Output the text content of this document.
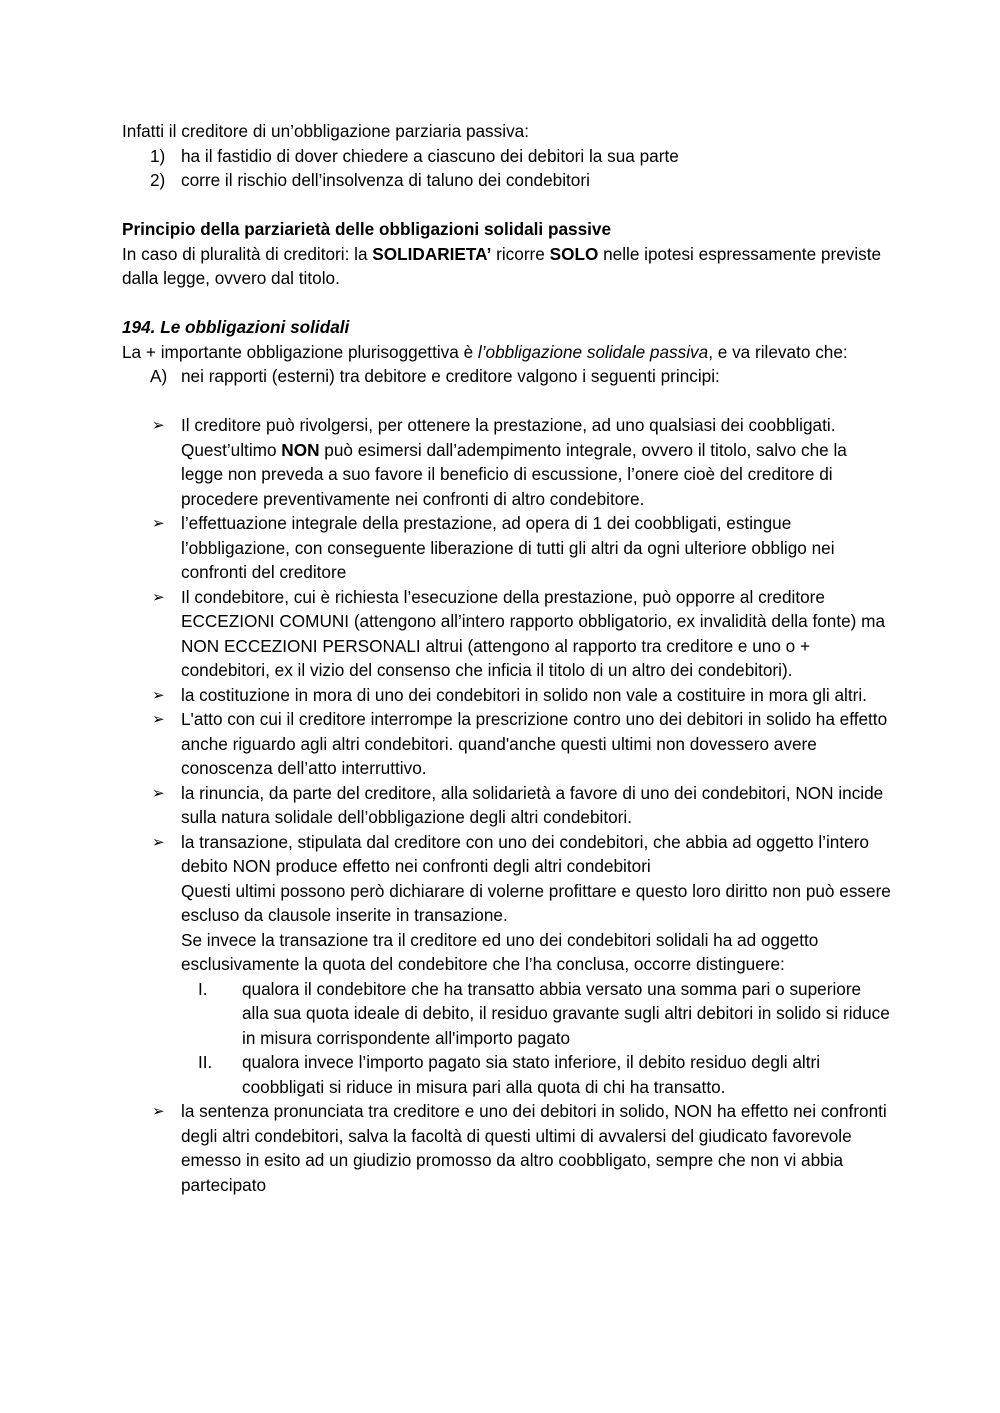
Infatti il creditore di un’obbligazione parziaria passiva:

1) ha il fastidio di dover chiedere a ciascuno dei debitori la sua parte
2) corre il rischio dell’insolvenza di taluno dei condebitori

Principio della parziarietà delle obbligazioni solidali passive

In caso di pluralità di creditori: la SOLIDARIETA’ ricorre SOLO nelle ipotesi espressamente previste dalla legge, ovvero dal titolo.

194. Le obbligazioni solidali

La + importante obbligazione plurisoggettiva è l’obbligazione solidale passiva, e va rilevato che:

A) nei rapporti (esterni) tra debitore e creditore valgono i seguenti principi:
➢ Il creditore può rivolgersi, per ottenere la prestazione, ad uno qualsiasi dei coobbligati. Quest’ultimo NON può esimersi dall’adempimento integrale, ovvero il titolo, salvo che la legge non preveda a suo favore il beneficio di escussione, l’onere cioè del creditore di procedere preventivamente nei confronti di altro condebitore.
➢ l’effettuazione integrale della prestazione, ad opera di 1 dei coobbligati, estingue l’obbligazione, con conseguente liberazione di tutti gli altri da ogni ulteriore obbligo nei confronti del creditore
➢ Il condebitore, cui è richiesta l’esecuzione della prestazione, può opporre al creditore ECCEZIONI COMUNI (attengono all’intero rapporto obbligatorio, ex invalidità della fonte) ma NON ECCEZIONI PERSONALI altrui (attengono al rapporto tra creditore e uno o + condebitori, ex il vizio del consenso che inficia il titolo di un altro dei condebitori).
➢ la costituzione in mora di uno dei condebitori in solido non vale a costituire in mora gli altri.
➢ L'atto con cui il creditore interrompe la prescrizione contro uno dei debitori in solido ha effetto anche riguardo agli altri condebitori. quand'anche questi ultimi non dovessero avere conoscenza dell’atto interruttivo.
➢ la rinuncia, da parte del creditore, alla solidarietà a favore di uno dei condebitori, NON incide sulla natura solidale dell’obbligazione degli altri condebitori.
➢ la transazione, stipulata dal creditore con uno dei condebitori, che abbia ad oggetto l’intero debito NON produce effetto nei confronti degli altri condebitori
Questi ultimi possono però dichiarare di volerne profittare e questo loro diritto non può essere escluso da clausole inserite in transazione.
Se invece la transazione tra il creditore ed uno dei condebitori solidali ha ad oggetto esclusivamente la quota del condebitore che l’ha conclusa, occorre distinguere:
I. qualora il condebitore che ha transatto abbia versato una somma pari o superiore alla sua quota ideale di debito, il residuo gravante sugli altri debitori in solido si riduce in misura corrispondente all'importo pagato
II. qualora invece l’importo pagato sia stato inferiore, il debito residuo degli altri coobbligati si riduce in misura pari alla quota di chi ha transatto.
➢ la sentenza pronunciata tra creditore e uno dei debitori in solido, NON ha effetto nei confronti degli altri condebitori, salva la facoltà di questi ultimi di avvalersi del giudicato favorevole emesso in esito ad un giudizio promosso da altro coobbligato, sempre che non vi abbia partecipato
